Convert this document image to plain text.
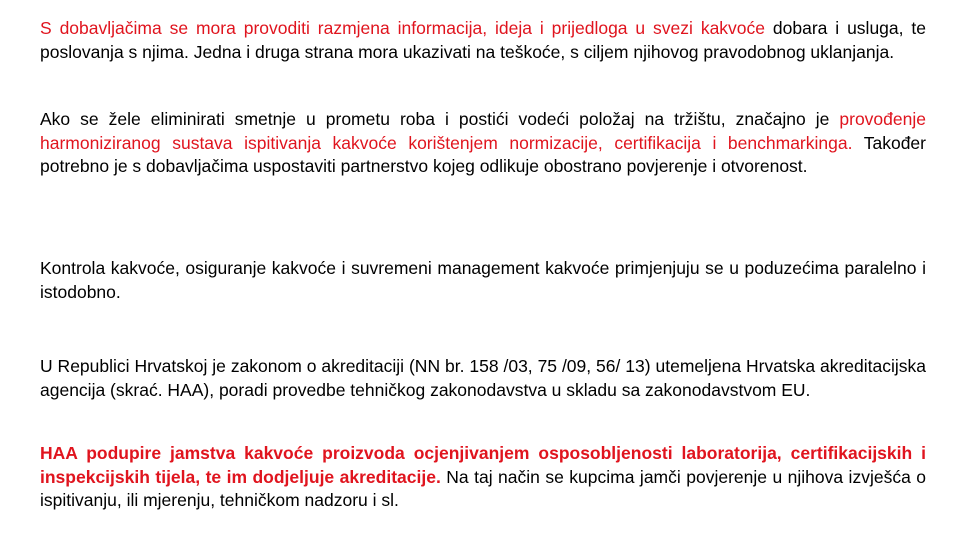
S dobavljačima se mora provoditi razmjena informacija, ideja i prijedloga u svezi kakvoće dobara i usluga, te poslovanja s njima. Jedna i druga strana mora ukazivati na teškoće, s ciljem njihovog pravodobnog uklanjanja.

Ako se žele eliminirati smetnje u prometu roba i postići vodeći položaj na tržištu, značajno je provođenje harmoniziranog sustava ispitivanja kakvoće korištenjem normizacije, certifikacija i benchmarkinga. Također potrebno je s dobavljačima uspostaviti partnerstvo kojeg odlikuje obostrano povjerenje i otvorenost.

Kontrola kakvoće, osiguranje kakvoće i suvremeni management kakvoće primjenjuju se u poduzećima paralelno i istodobno.

U Republici Hrvatskoj je zakonom o akreditaciji (NN br. 158 /03, 75 /09, 56/ 13) utemeljena Hrvatska akreditacijska agencija (skrać. HAA), poradi provedbe tehničkog zakonodavstva u skladu sa zakonodavstvom EU.

HAA podupire jamstva kakvoće proizvoda ocjenjivanjem osposobljenosti laboratorija, certifikacijskih i inspekcijskih tijela, te im dodjeljuje akreditacije. Na taj način se kupcima jamči povjerenje u njihova izvješća o ispitivanju, ili mjerenju, tehničkom nadzoru i sl.
